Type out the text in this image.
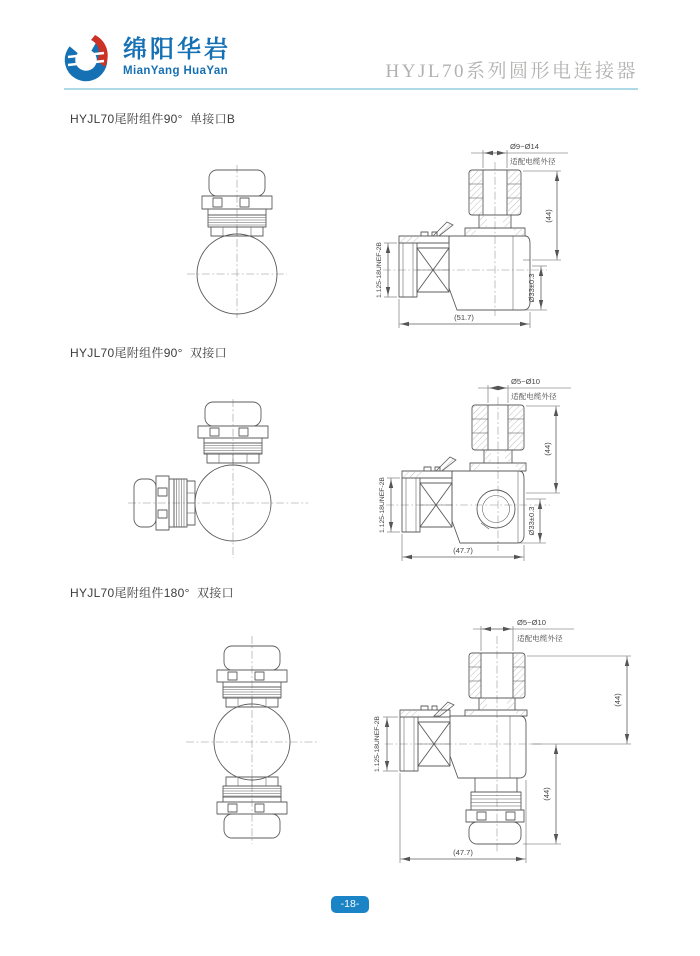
绵阳华岩
MianYang HuaYan	HYJL70系列圆形电连接器
HYJL70尾附组件90°  单接口B
Ø9~Ø14
适配电缆外径
(44)
Ø33±0.3
1.125-18UNEF-2B
(51.7)
HYJL70尾附组件90°  双接口
Ø5~Ø10
适配电缆外径
(44)
Ø33±0.3
1.125-18UNEF-2B
(47.7)
HYJL70尾附组件180°  双接口
Ø5~Ø10
适配电缆外径
(44)
(44)
1.125-18UNEF-2B
(47.7)
-18-
